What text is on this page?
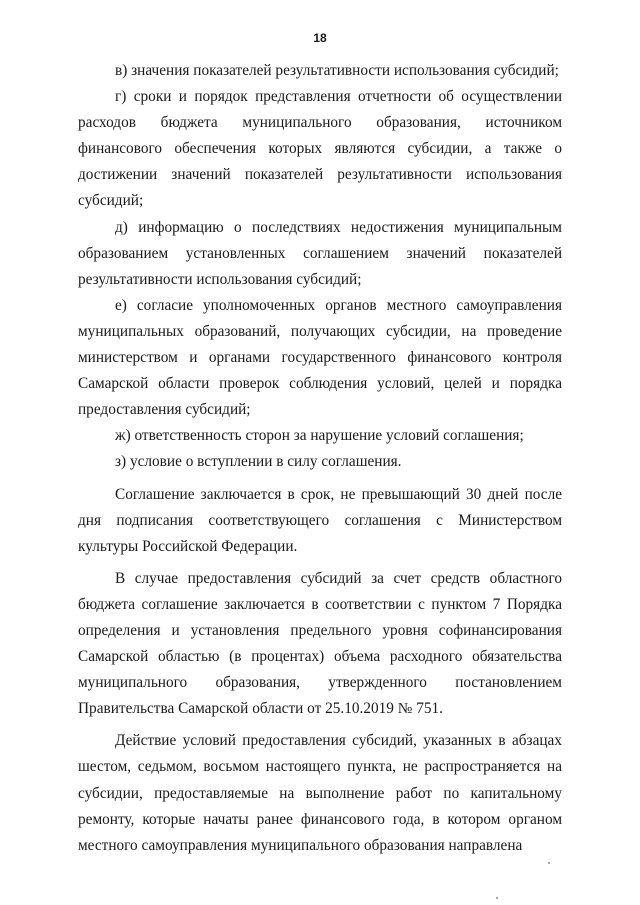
18

в) значения показателей результативности использования субсидий;

г) сроки и порядок представления отчетности об осуществлении расходов бюджета муниципального образования, источником финансового обеспечения которых являются субсидии, а также о достижении значений показателей результативности использования субсидий;

д) информацию о последствиях недостижения муниципальным образованием установленных соглашением значений показателей результативности использования субсидий;

е) согласие уполномоченных органов местного самоуправления муниципальных образований, получающих субсидии, на проведение министерством и органами государственного финансового контроля Самарской области проверок соблюдения условий, целей и порядка предоставления субсидий;

ж) ответственность сторон за нарушение условий соглашения;

з) условие о вступлении в силу соглашения.

Соглашение заключается в срок, не превышающий 30 дней после дня подписания соответствующего соглашения с Министерством культуры Российской Федерации.

В случае предоставления субсидий за счет средств областного бюджета соглашение заключается в соответствии с пунктом 7 Порядка определения и установления предельного уровня софинансирования Самарской областью (в процентах) объема расходного обязательства муниципального образования, утвержденного постановлением Правительства Самарской области от 25.10.2019 № 751.

Действие условий предоставления субсидий, указанных в абзацах шестом, седьмом, восьмом настоящего пункта, не распространяется на субсидии, предоставляемые на выполнение работ по капитальному ремонту, которые начаты ранее финансового года, в котором органом местного самоуправления муниципального образования направлена
